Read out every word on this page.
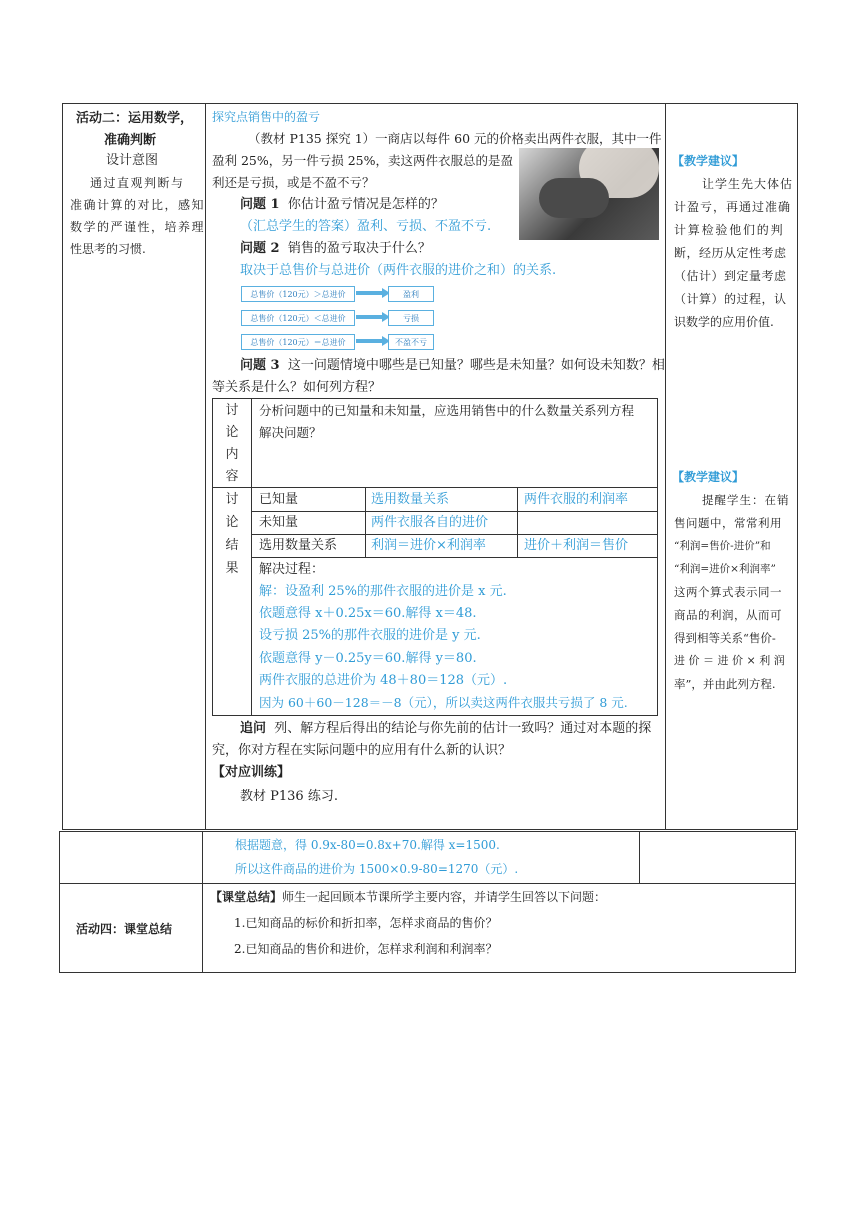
活动二：运用数学，
准确判断
设计意图
通过直观判断与
准确计算的对比，感知
数学的严谨性，培养理
性思考的习惯.
探究点销售中的盈亏
（教材 P135 探究 1）一商店以每件 60 元的价格卖出两件衣服，其中一件
盈利 25%，另一件亏损 25%，卖这两件衣服总的是盈
利还是亏损，或是不盈不亏？
问题 1 你估计盈亏情况是怎样的？
（汇总学生的答案）盈利、亏损、不盈不亏.
问题 2 销售的盈亏取决于什么？
取决于总售价与总进价（两件衣服的进价之和）的关系.
总售价（120元）＞总进价	盈利
总售价（120元）＜总进价	亏损
总售价（120元）＝总进价	不盈不亏
问题 3 这一问题情境中哪些是已知量？哪些是未知量？如何设未知数？相
等关系是什么？如何列方程？
讨
论
内
容
分析问题中的已知量和未知量，应选用销售中的什么数量关系列方程
解决问题？
讨
论
结
果
已知量	选用数量关系	两件衣服的利润率
未知量	两件衣服各自的进价
选用数量关系	利润＝进价×利润率	进价＋利润＝售价
解决过程：
解：设盈利 25%的那件衣服的进价是 x 元.
依题意得 x＋0.25x＝60.解得 x＝48.
设亏损 25%的那件衣服的进价是 y 元.
依题意得 y－0.25y＝60.解得 y＝80.
两件衣服的总进价为 48＋80＝128（元）.
因为 60＋60－128＝－8（元），所以卖这两件衣服共亏损了 8 元.
追问 列、解方程后得出的结论与你先前的估计一致吗？通过对本题的探
究，你对方程在实际问题中的应用有什么新的认识？
【对应训练】
教材 P136 练习.
【教学建议】
让学生先大体估
计盈亏，再通过准确
计算检验他们的判
断，经历从定性考虑
（估计）到定量考虑
（计算）的过程，认
识数学的应用价值.
【教学建议】
提醒学生：在销
售问题中，常常利用
“利润=售价-进价”和
“利润=进价×利润率”
这两个算式表示同一
商品的利润，从而可
得到相等关系“售价-
进 价 ＝ 进 价 × 利 润
率”，并由此列方程.
根据题意，得 0.9x-80=0.8x+70.解得 x=1500.
所以这件商品的进价为 1500×0.9-80=1270（元）.
活动四：课堂总结
【课堂总结】师生一起回顾本节课所学主要内容，并请学生回答以下问题：
1.已知商品的标价和折扣率，怎样求商品的售价？
2.已知商品的售价和进价，怎样求利润和利润率？
